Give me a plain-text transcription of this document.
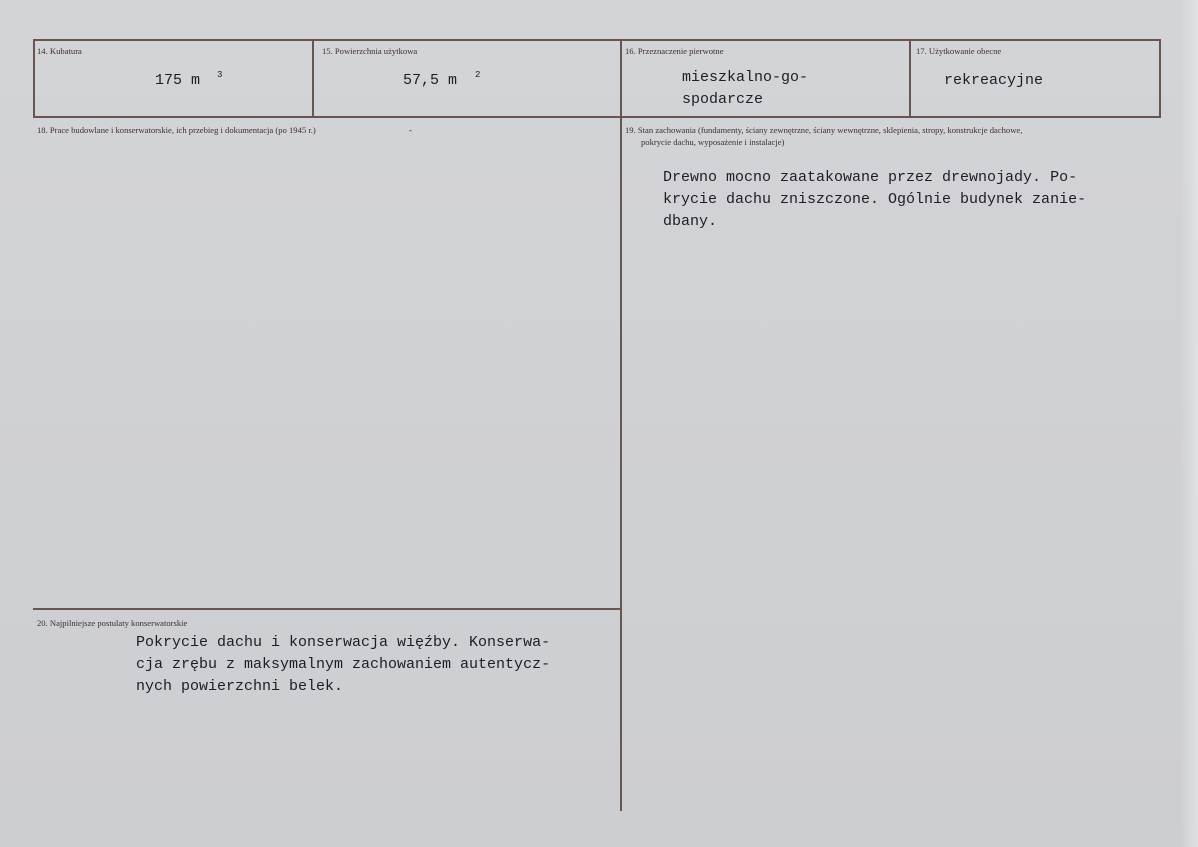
14. Kubatura
175 m 3
15. Powierzchnia użytkowa
57,5 m 2
16. Przeznaczenie pierwotne
mieszkalno-go-
spodarcze
17. Użytkowanie obecne
rekreacyjne
18. Prace budowlane i konserwatorskie, ich przebieg i dokumentacja (po 1945 r.)	-	19. Stan zachowania (fundamenty, ściany zewnętrzne, ściany wewnętrzne, sklepienia, stropy, konstrukcje dachowe,
pokrycie dachu, wyposażenie i instalacje)
Drewno mocno zaatakowane przez drewnojady. Po-
krycie dachu zniszczone. Ogólnie budynek zanie-
dbany.
20. Najpilniejsze postulaty konserwatorskie
Pokrycie dachu i konserwacja więźby. Konserwa-
cja zrębu z maksymalnym zachowaniem autentycz-
nych powierzchni belek.
